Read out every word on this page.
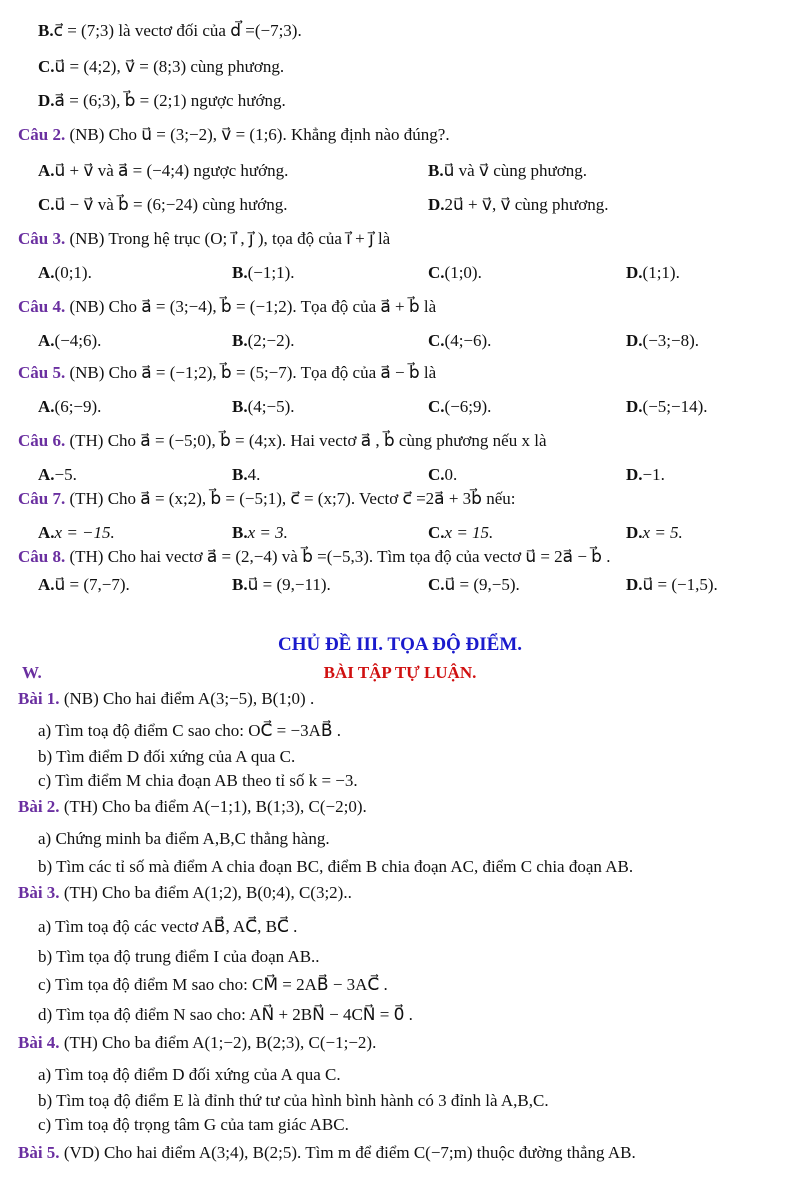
B.c⃗ = (7;3) là vectơ đối của d⃗ =(−7;3).
C.u⃗ = (4;2), v⃗ = (8;3) cùng phương.
D.a⃗ = (6;3), b⃗ = (2;1) ngược hướng.
Câu 2. (NB) Cho u⃗ = (3;−2), v⃗ = (1;6). Khẳng định nào đúng?.
A.u⃗ + v⃗ và a⃗ = (−4;4) ngược hướng.	B.u⃗ và v⃗ cùng phương.
C.u⃗ − v⃗ và b⃗ = (6;−24) cùng hướng.	D.2u⃗ + v⃗, v⃗ cùng phương.
Câu 3. (NB) Trong hệ trục (O; i⃗ , j⃗ ), tọa độ của i⃗ + j⃗ là
A.(0;1).	B.(−1;1).	C.(1;0).	D.(1;1).
Câu 4. (NB) Cho a⃗ = (3;−4), b⃗ = (−1;2). Tọa độ của a⃗ + b⃗ là
A.(−4;6).	B.(2;−2).	C.(4;−6).	D.(−3;−8).
Câu 5. (NB) Cho a⃗ = (−1;2), b⃗ = (5;−7). Tọa độ của a⃗ − b⃗ là
A.(6;−9).	B.(4;−5).	C.(−6;9).	D.(−5;−14).
Câu 6. (TH) Cho a⃗ = (−5;0), b⃗ = (4;x). Hai vectơ a⃗ , b⃗ cùng phương nếu x là
A.−5.	B.4.	C.0.	D.−1.
Câu 7. (TH) Cho a⃗ = (x;2), b⃗ = (−5;1), c⃗ = (x;7). Vectơ c⃗ =2a⃗ + 3b⃗ nếu:
A.x = −15.	B.x = 3.	C.x = 15.	D.x = 5.
Câu 8. (TH) Cho hai vectơ a⃗ = (2,−4) và b⃗ =(−5,3). Tìm tọa độ của vectơ u⃗ = 2a⃗ − b⃗ .
A.u⃗ = (7,−7).	B.u⃗ = (9,−11).	C.u⃗ = (9,−5).	D.u⃗ = (−1,5).
CHỦ ĐỀ III. TỌA ĐỘ ĐIỂM.
W.	BÀI TẬP TỰ LUẬN.
Bài 1. (NB) Cho hai điểm A(3;−5), B(1;0) .
a) Tìm toạ độ điểm C sao cho: OC⃗ = −3AB⃗ .
b) Tìm điểm D đối xứng của A qua C.
c) Tìm điểm M chia đoạn AB theo tỉ số k = −3.
Bài 2. (TH) Cho ba điểm A(−1;1), B(1;3), C(−2;0).
a) Chứng minh ba điểm A,B,C thẳng hàng.
b) Tìm các tỉ số mà điểm A chia đoạn BC, điểm B chia đoạn AC, điểm C chia đoạn AB.
Bài 3. (TH) Cho ba điểm A(1;2), B(0;4), C(3;2)..
a) Tìm toạ độ các vectơ AB⃗, AC⃗, BC⃗ .
b) Tìm tọa độ trung điểm I của đoạn AB..
c) Tìm tọa độ điểm M sao cho: CM⃗ = 2AB⃗ − 3AC⃗ .
d) Tìm tọa độ điểm N sao cho: AN⃗ + 2BN⃗ − 4CN⃗ = 0⃗ .
Bài 4. (TH) Cho ba điểm A(1;−2), B(2;3), C(−1;−2).
a) Tìm toạ độ điểm D đối xứng của A qua C.
b) Tìm toạ độ điểm E là đỉnh thứ tư của hình bình hành có 3 đỉnh là A,B,C.
c) Tìm toạ độ trọng tâm G của tam giác ABC.
Bài 5. (VD) Cho hai điểm A(3;4), B(2;5). Tìm m để điểm C(−7;m) thuộc đường thẳng AB.
